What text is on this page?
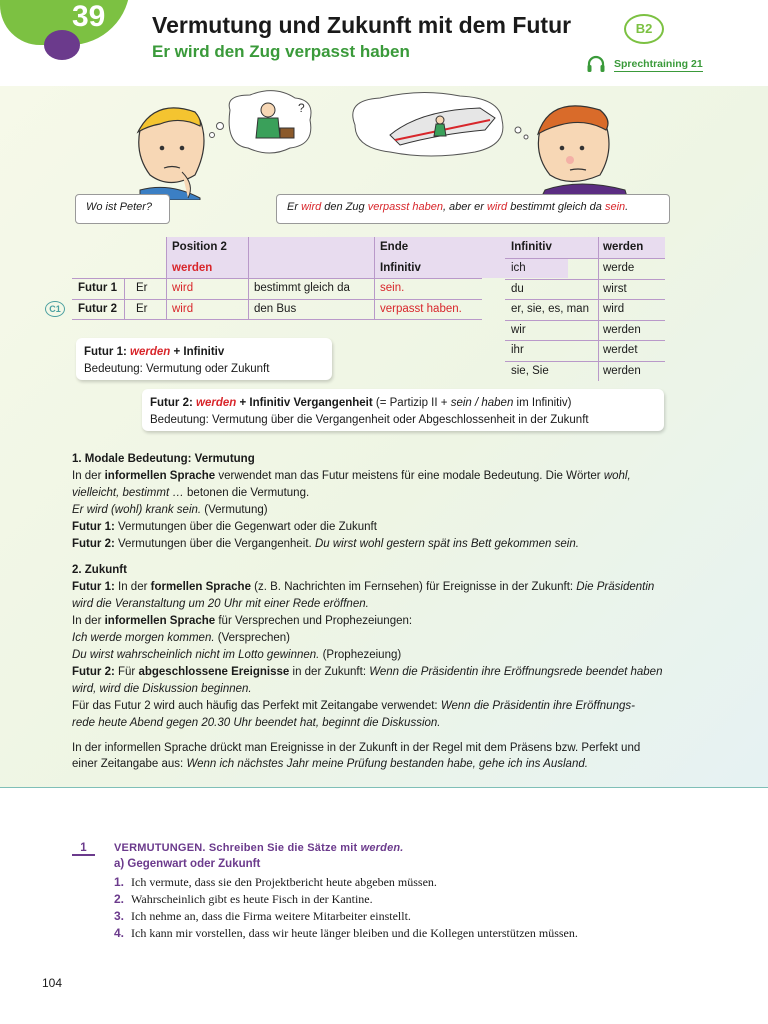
39 Vermutung und Zukunft mit dem Futur
Er wird den Zug verpasst haben
B2
Sprechtraining 21
?
Wo ist Peter?	Er wird den Zug verpasst haben, aber er wird bestimmt gleich da sein.
Position 2	Ende
werden	Infinitiv
Futur 1	Er	wird	bestimmt gleich da	sein.
Futur 2	Er	wird	den Bus	verpasst haben.
C1
Infinitiv	werden
ich	werde
du	wirst
er, sie, es, man wird
wir	werden
ihr	werdet
sie, Sie	werden
Futur 1: werden + Infinitiv
Bedeutung: Vermutung oder Zukunft
Futur 2: werden + Infinitiv Vergangenheit (= Partizip II + sein / haben im Infinitiv)
Bedeutung: Vermutung über die Vergangenheit oder Abgeschlossenheit in der Zukunft

1. Modale Bedeutung: Vermutung

In der informellen Sprache verwendet man das Futur meistens für eine modale Bedeutung. Die Wörter wohl,

vielleicht, bestimmt … betonen die Vermutung.

Er wird (wohl) krank sein. (Vermutung)

Futur 1: Vermutungen über die Gegenwart oder die Zukunft

Futur 2: Vermutungen über die Vergangenheit. Du wirst wohl gestern spät ins Bett gekommen sein.

2. Zukunft

Futur 1: In der formellen Sprache (z. B. Nachrichten im Fernsehen) für Ereignisse in der Zukunft: Die Präsidentin

wird die Veranstaltung um 20 Uhr mit einer Rede eröffnen.

In der informellen Sprache für Versprechen und Prophezeiungen:

Ich werde morgen kommen. (Versprechen)

Du wirst wahrscheinlich nicht im Lotto gewinnen. (Prophezeiung)

Futur 2: Für abgeschlossene Ereignisse in der Zukunft: Wenn die Präsidentin ihre Eröffnungsrede beendet haben

wird, wird die Diskussion beginnen.

Für das Futur 2 wird auch häufig das Perfekt mit Zeitangabe verwendet: Wenn die Präsidentin ihre Eröffnungs-

rede heute Abend gegen 20.30 Uhr beendet hat, beginnt die Diskussion.

In der informellen Sprache drückt man Ereignisse in der Zukunft in der Regel mit dem Präsens bzw. Perfekt und

einer Zeitangabe aus: Wenn ich nächstes Jahr meine Prüfung bestanden habe, gehe ich ins Ausland.

1	VERMUTUNGEN. Schreiben Sie die Sätze mit werden.
a) Gegenwart oder Zukunft
1. Ich vermute, dass sie den Projektbericht heute abgeben müssen.
2. Wahrscheinlich gibt es heute Fisch in der Kantine.
3. Ich nehme an, dass die Firma weitere Mitarbeiter einstellt.
4. Ich kann mir vorstellen, dass wir heute länger bleiben und die Kollegen unterstützen müssen.
104
